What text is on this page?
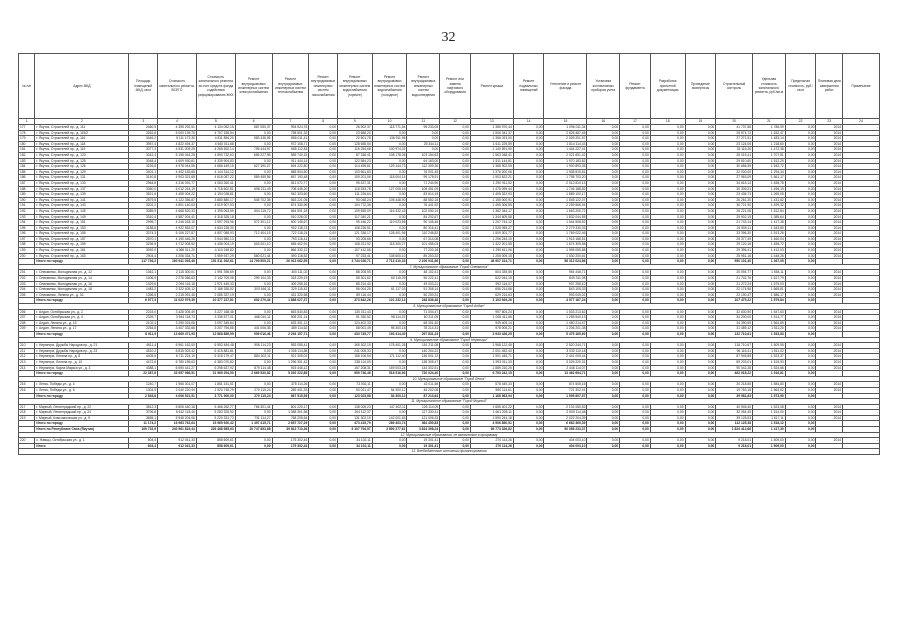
32
№ п/п	Адрес МКД	Площадь помещений МКД, кв.м	Стоимость капитального ремонта, ВСЕГО	Стоимость капитального ремонта за счет средств фонда содействия реформированию ЖКХ	Ремонт внутридомовых инженерных систем электроснабжения	Ремонт внутридомовых инженерных систем теплоснабжения	Ремонт внутридомовых инженерных систем газоснабжения	Ремонт внутридомовых инженерных систем водоснабжения (горячее)	Ремонт внутридомовых инженерных систем водоснабжения (холодное)	Ремонт внутридомовых инженерных систем водоотведения	Ремонт или замена лифтового оборудования	Ремонт крыши	Ремонт подвальных помещений	Утепление и ремонт фасада	Установка коллективных приборов учета	Ремонт фундамента	Разработка проектной документации	Проведение экспертизы	Строительный контроль	Удельная стоимость капитального ремонта, руб./кв.м	Предельная стоимость, руб./кв.м	Плановая дата завершения работ	Примечание
1	2	3	4	5	6	7	8	9	10	11	12	13	14	15	16	17	18	19	20	21	22	23	24
177	г. Якутск, Строителей пр., д. 111	2460,9	4 395 292,51	4 134 052,15	687 050,37	994 524,78	0,00	26 902,37	118 771,54	95 233,05	0,00	1 385 970,44	0,00	1 096 011,34	0,00	0,00	0,00	0,00	41 737,88	1 786,09	0,00	2014	-
178	г. Якутск, Строителей пр., д. 115/2	3262,8	5 000 139,70	4 707 155,54	0,00	798 501,32	0,00	23 686,20	0,00	0,00	0,00	1 506 341,37	0,00	2 526 487,45	0,00	0,00	0,00	0,00	25 974,72	1 532,47	0,00	2014	-
179	г. Якутск, Строителей пр., д. 116	3446,2	5 111 173,30	4 811 854,20	583 436,95	856 011,41	0,00	20 801,78	136 911,96	0,00	0,00	1 356 023,00	0,00	2 009 201,57	0,00	0,00	0,00	0,00	27 271,51	1 483,14	0,00	2014	-
180	г. Якутск, Строителей пр., д. 118	3957,4	4 822 494,37	4 540 011,68	0,00	972 108,71	0,00	128 655,50	0,00	25 344,11	0,00	1 611 229,59	0,00	1 814 114,43	0,00	0,00	0,00	0,00	23 124,05	1 218,60	0,00	2014	-
181	г. Якутск, Строителей пр., д. 119	3077,3	4 531 009,25	4 265 592,14	795 444,97	685 112,83	0,00	115 254,68	100 974,02	0,00	0,00	1 140 891,90	0,00	1 444 227,41	0,00	0,00	0,00	0,00	33 116,26	1 472,38	0,00	2014	-
182	г. Якутск, Строителей пр., д. 123	3042,4	5 195 044,25	4 890 732,63	655 227,95	589 740,15	0,00	87 336,41	108 178,06	103 154,63	0,00	1 563 048,41	0,00	2 021 651,42	0,00	0,00	0,00	0,00	28 015,41	1 707,51	0,00	2014	-
183	г. Якутск, Строителей пр., д. 125	3048,4	4 609 930,61	4 339 904,83	0,00	911 444,14	0,00	122 584,23	0,00	64 163,00	0,00	1 511 144,81	0,00	1 970 183,82	0,00	0,00	0,00	0,00	29 810,60	1 512,25	0,00	2014	-
184	г. Якутск, Строителей пр., д. 126	3226,8	4 978 044,55	4 686 449,15	627 390,07	694 222,80	0,00	114 495,61	129 144,73	112 309,36	0,00	1 368 902,05	0,00	1 900 893,35	0,00	0,00	0,00	0,00	30 686,59	1 542,72	0,00	2014	-
185	г. Якутск, Строителей пр., д. 129	3401,1	4 402 183,65	4 144 314,12	0,00	885 504,50	0,00	103 661,83	0,00	76 001,45	0,00	1 376 200,06	0,00	1 938 815,81	0,00	0,00	0,00	0,00	22 000,00	1 294,34	0,00	2014	-
186	г. Якутск, Строителей пр., д. 131	3140,8	4 903 321,65	4 616 087,22	589 455,56	657 193,48	0,00	109 201,06	118 004,14	99 178,91	0,00	1 503 622,21	0,00	1 798 703,20	0,00	0,00	0,00	0,00	27 963,09	1 561,17	0,00	2014	-
187	г. Якутск, Строителей пр., д. 133	2964,8	4 316 091,77	4 063 260,41	0,00	811 072,77	0,00	95 437,31	0,00	71 244,90	0,00	1 290 911,52	0,00	2 012 810,13	0,00	0,00	0,00	0,00	34 615,14	1 455,78	0,00	2014	-
188	г. Якутск, Строителей пр., д. 137	3350,0	5 012 244,19	4 718 602,51	698 211,49	708 445,20	0,00	118 533,78	127 005,16	108 451,09	0,00	1 475 099,44	0,00	1 746 188,82	0,00	0,00	0,00	0,00	30 309,21	1 496,19	0,00	2014	-
189	г. Якутск, Строителей пр., д. 139	3521,6	4 455 004,22	4 194 038,81	0,00	942 303,60	0,00	111 226,64	0,00	83 614,15	0,00	1 405 322,93	0,00	1 889 100,17	0,00	0,00	0,00	0,00	23 436,73	1 265,05	0,00	2014	-
190	г. Якутск, Строителей пр., д. 141	2879,5	4 122 356,87	3 880 880,17	545 702,35	563 221,05	0,00	93 048,24	105 448,90	88 552,15	0,00	1 155 000,91	0,00	1 545 122,07	0,00	0,00	0,00	0,00	26 261,20	1 431,62	0,00	2014	-
191	г. Якутск, Строителей пр., д. 143	3202,2	4 801 140,63	4 519 907,53	0,00	874 330,96	0,00	104 772,36	0,00	76 441,92	0,00	1 455 306,55	0,00	2 259 566,94	0,00	0,00	0,00	0,00	30 721,90	1 499,32	0,00	2014	-
192	г. Якутск, Строителей пр., д. 145	3085,9	4 668 520,33	4 395 063,59	604 115,72	664 501,18	0,00	109 655,09	116 432,43	102 050,14	0,00	1 382 344,17	0,00	1 663 200,72	0,00	0,00	0,00	0,00	26 221,08	1 512,84	0,00	2014	-
193	г. Якутск, Строителей пр., д. 149	3310,4	4 587 004,41	4 318 325,18	0,00	910 226,02	0,00	117 340,21	0,00	84 202,67	0,00	1 344 609,58	0,00	1 832 044,55	0,00	0,00	0,00	0,00	29 902,15	1 385,64	0,00	2014	-
194	г. Якутск, Строителей пр., д. 151	2995,7	4 246 018,10	3 997 293,96	572 301,12	600 145,67	0,00	99 446,22	110 023,85	90 105,46	0,00	1 207 744,12	0,00	1 544 508,52	0,00	0,00	0,00	0,00	21 743,14	1 417,38	0,00	2014	-
195	г. Якутск, Строителей пр., д. 153	3188,6	4 922 553,07	4 634 228,30	0,00	902 118,74	0,00	108 226,51	0,00	80 316,41	0,00	1 528 055,27	0,00	2 279 330,03	0,00	0,00	0,00	0,00	24 506,11	1 543,80	0,00	2014	-
196	г. Якутск, Строителей пр., д. 155	3374,3	5 106 227,87	4 807 088,93	712 404,15	722 118,24	0,00	121 336,17	128 401,96	110 246,82	0,00	1 509 301,77	0,00	1 769 022,46	0,00	0,00	0,00	0,00	33 396,30	1 513,26	0,00	2014	-
197	г. Якутск, Строителей пр., д. 157	2870,1	4 190 446,25	3 944 980,13	0,00	793 116,41	0,00	93 205,66	0,00	67 314,08	0,00	1 296 244,10	0,00	1 915 188,51	0,00	0,00	0,00	0,00	25 377,49	1 460,04	0,00	2014	-
198	г. Якутск, Строителей пр., д. 159	3236,9	4 712 008,52	4 436 004,19	603 001,10	655 402,91	0,00	108 221,92	118 300,27	101 455,03	0,00	1 422 201,55	0,00	1 674 305,58	0,00	0,00	0,00	0,00	29 120,16	1 455,72	0,00	2014	-
199	г. Якутск, Строителей пр., д. 161	3092,0	4 366 011,20	4 110 248,82	0,00	866 332,12	0,00	107 412,55	0,00	77 203,18	0,00	1 290 611,06	0,00	1 995 055,88	0,00	0,00	0,00	0,00	29 396,41	1 412,03	0,00	2014	-
200	г. Якутск, Строителей пр., д. 163	2904,4	4 206 334,71	3 959 937,29	560 021,44	590 118,52	0,00	97 233,41	108 600,10	89 200,32	0,00	1 206 009,15	0,00	1 530 200,61	0,00	0,00	0,00	0,00	25 951,16	1 448,26	0,00	2014	-
	Итого по городу	117 736,2	160 941 093,46	151 511 392,61	14 799 505,21	26 913 062,55	0,00	3 744 026,71	2 713 410,33	2 106 041,66	0,00	46 907 314,71	0,00	58 312 024,86	0,00	0,00	0,00	0,00	950 101,40	1 367,05	0,00		
7. Муниципальное образование "Город Олекминск"																							
201	г. Олекминск, Молодежная ул., д. 12	1361,1	2 115 300,01	1 991 396,69	0,00	400 111,02	0,00	88 205,55	0,00	48 102,41	0,00	604 339,55	0,00	954 446,71	0,00	0,00	0,00	0,00	20 094,77	1 554,11	0,00	2014	-
202	г. Олекминск, Молодежная ул., д. 14	1406,9	2 276 066,63	2 142 709,08	299 104,33	318 225,19	0,00	55 301,62	60 115,09	50 222,41	0,00	622 044,15	0,00	849 311,08	0,00	0,00	0,00	0,00	21 742,76	1 617,79	0,00	2014	-
203	г. Олекминск, Молодежная ул., д. 16	1329,6	2 094 116,18	1 971 449,33	0,00	409 255,16	0,00	85 214,40	0,00	49 003,21	0,00	592 116,07	0,00	937 255,10	0,00	0,00	0,00	0,00	21 272,24	1 575,03	0,00	2014	-
204	г. Олекминск, Молодежная ул., д. 18	1483,2	2 322 405,12	2 186 335,52	303 166,11	329 115,42	0,00	56 004,25	61 117,03	51 308,14	0,00	656 214,86	0,00	843 105,33	0,00	0,00	0,00	0,00	22 174,98	1 565,81	0,00	2014	-
205	г. Олекминск, Ленина ул., д. 33	1396,5	2 215 091,45	2 085 337,19	0,00	431 320,58	0,00	89 116,44	0,00	50 200,31	0,00	629 214,63	0,00	993 049,02	0,00	0,00	0,00	0,00	22 190,47	1 586,17	0,00	2014	-
	Итого по городу	6 977,3	11 022 979,39	10 377 227,81	602 270,44	1 888 027,37	0,00	373 842,26	121 232,12	248 836,48	0,00	3 103 929,26	0,00	4 577 167,24	0,00	0,00	0,00	0,00	107 475,22	1 579,84	0,00		
8. Муниципальное образование "Город Алдан"																							
206	г. Алдан, Октябрьская ул., д. 2	2215,0	3 428 005,49	3 227 168,46	0,00	663 540,83	0,00	130 011,43	0,00	71 004,47	0,00	997 604,24	0,00	1 533 213,62	0,00	0,00	0,00	0,00	32 630,90	1 547,63	0,00	2014	-
207	г. Алдан, Октябрьская ул., д. 4	2339,7	3 544 118,73	3 336 577,01	468 010,11	508 201,14	0,00	91 330,52	98 114,22	80 311,05	0,00	1 008 411,66	0,00	1 255 540,13	0,00	0,00	0,00	0,00	34 200,00	1 514,77	0,00	2014	-
208	г. Алдан, Ленина ул., д. 15	2102,4	3 290 015,05	3 097 349,64	0,00	633 301,12	0,00	124 402,33	0,00	68 301,40	0,00	949 405,14	0,00	1 480 214,47	0,00	0,00	0,00	0,00	34 390,59	1 564,89	0,00	2014	-
209	г. Алдан, Ленина ул., д. 17	2254,8	3 407 332,66	3 207 794,88	441 006,35	489 114,62	0,00	88 001,49	95 300,18	78 214,31	0,00	978 005,21	0,00	1 206 201,38	0,00	0,00	0,00	0,00	31 489,12	1 511,20	0,00	2014	-
	Итого по городу	8 911,9	13 669 471,93	12 868 889,99	909 016,46	2 294 157,71	0,00	433 745,77	193 414,40	297 831,23	0,00	3 933 426,25	0,00	5 475 169,60	0,00	0,00	0,00	0,00	132 710,61	1 533,83	0,00		
9. Муниципальное образование "Город Нерюнгри"																							
210	г. Нерюнгри, Дружбы Народов пр., д. 21	4611,4	6 961 162,00	6 553 484,48	906 114,23	953 055,41	0,00	165 302,19	178 401,26	151 211,08	0,00	1 968 122,45	0,00	2 520 244,71	0,00	0,00	0,00	0,00	118 710,67	1 509,55	0,00	2014	-
211	г. Нерюнгри, Дружбы Народов пр., д. 23	4510,2	6 815 003,42	6 415 881,81	0,00	1 306 114,88	0,00	241 005,33	0,00	140 204,22	0,00	2 001 452,40	0,00	3 030 110,18	0,00	0,00	0,00	0,00	96 116,41	1 511,02	0,00	2014	-
212	г. Нерюнгри, Ленина пр., д. 8	4405,5	6 711 224,19	6 318 179,47	884 302,11	921 305,02	0,00	158 106,54	171 112,40	146 001,12	0,00	1 901 445,71	0,00	2 441 005,44	0,00	0,00	0,00	0,00	87 945,85	1 523,37	0,00	2014	-
213	г. Нерюнгри, Ленина пр., д. 10	4472,6	6 780 155,63	6 383 070,82	0,00	1 296 301,42	0,00	238 114,09	0,00	138 305,47	0,00	1 993 011,33	0,00	3 025 220,31	0,00	0,00	0,00	0,00	89 203,01	1 515,93	0,00	2014	-
214	г. Нерюнгри, Карла Маркса ул., д. 3	4388,1	6 690 441,27	6 298 637,92	879 114,48	915 446,12	0,00	157 208,31	169 003,24	144 302,51	0,00	1 889 210,26	0,00	2 446 114,07	0,00	0,00	0,00	0,00	90 042,28	1 524,66	0,00	2014	-
	Итого по городу	22 387,8	33 957 986,51	31 969 254,50	2 669 530,82	5 392 222,85	0,00	959 736,46	518 516,90	720 024,40	0,00	9 753 242,15	0,00	13 462 694,71	0,00	0,00	0,00	0,00	482 018,22	1 516,81	0,00		
10. Муниципальное образование "Город Ленск"																							
215	г. Ленск, Победы ул., д. 4	1240,7	1 966 301,07	1 851 151,51	0,00	378 114,26	0,00	73 002,11	0,00	42 011,56	0,00	578 449,33	0,00	874 505,16	0,00	0,00	0,00	0,00	20 218,65	1 584,83	0,00	2014	-
216	г. Ленск, Победы ул., д. 6	1304,9	2 040 220,44	1 920 748,79	270 115,24	289 401,33	0,00	50 021,47	54 300,12	45 202,08	0,00	590 114,61	0,00	721 302,41	0,00	0,00	0,00	0,00	19 763,18	1 563,52	0,00	2014	-
	Итого по городу	2 545,6	4 006 521,51	3 771 900,30	270 115,24	667 515,59	0,00	123 023,58	54 300,12	87 213,64	0,00	1 168 563,94	0,00	1 595 807,57	0,00	0,00	0,00	0,00	39 981,83	1 573,90	0,00		
11. Муниципальное образование "Город Мирный"																							
217	г. Мирный, Ленинградский пр., д. 22	3812,3	5 806 440,18	5 466 262,77	766 301,44	801 220,17	0,00	138 005,23	147 402,11	126 114,09	0,00	1 655 401,22	0,00	2 131 050,52	0,00	0,00	0,00	0,00	40 945,40	1 523,08	0,00	2014	-
218	г. Мирный, Ленинградский пр., д. 24	3706,8	5 612 118,40	5 283 325,92	0,00	1 088 301,58	0,00	204 112,37	0,00	117 330,41	0,00	1 661 205,11	0,00	2 509 114,48	0,00	0,00	0,00	0,00	32 054,45	1 514,00	0,00	2014	-
219	г. Мирный, Комсомольская ул., д. 9	3655,1	5 545 204,06	5 220 331,73	731 114,27	768 205,54	0,00	131 302,19	142 001,63	121 006,33	0,00	1 590 244,18	0,00	2 022 204,39	0,00	0,00	0,00	0,00	39 125,53	1 517,11	0,00	2014	-
	Итого по городу	11 174,2	16 963 762,64	15 969 920,42	1 497 415,71	2 657 727,29	0,00	473 419,79	289 403,74	364 450,83	0,00	4 906 850,51	0,00	6 662 369,39	0,00	0,00	0,00	0,00	112 125,38	1 518,12	0,00		
	Итого по Республике Саха (Якутия)	169 732,9	240 561 815,44	226 468 585,63	20 747 853,88	39 812 713,36	0,00	6 107 794,57	3 890 277,61	3 824 398,24	0,00	69 773 326,82	0,00	90 085 233,37	0,00	0,00	0,00	0,00	1 824 412,66	1 417,30	0,00		
12. Муниципальные образования, не включенные в программу																							
220	с. Намцы, Октябрьская ул., д. 1	604,4	912 041,33	858 609,61	0,00	175 302,44	0,00	34 102,11	0,00	19 301,41	0,00	270 114,26	0,00	404 003,10	0,00	0,00	0,00	0,00	9 218,01	1 509,00	0,00	2014	-
	Итого	604,4	912 041,33	858 609,61	0,00	175 302,44	0,00	34 102,11	0,00	19 301,41	0,00	270 114,26	0,00	404 003,10	0,00	0,00	0,00	0,00	9 218,01	1 509,00	0,00		
13. Внебюджетные источники финансирования																							
